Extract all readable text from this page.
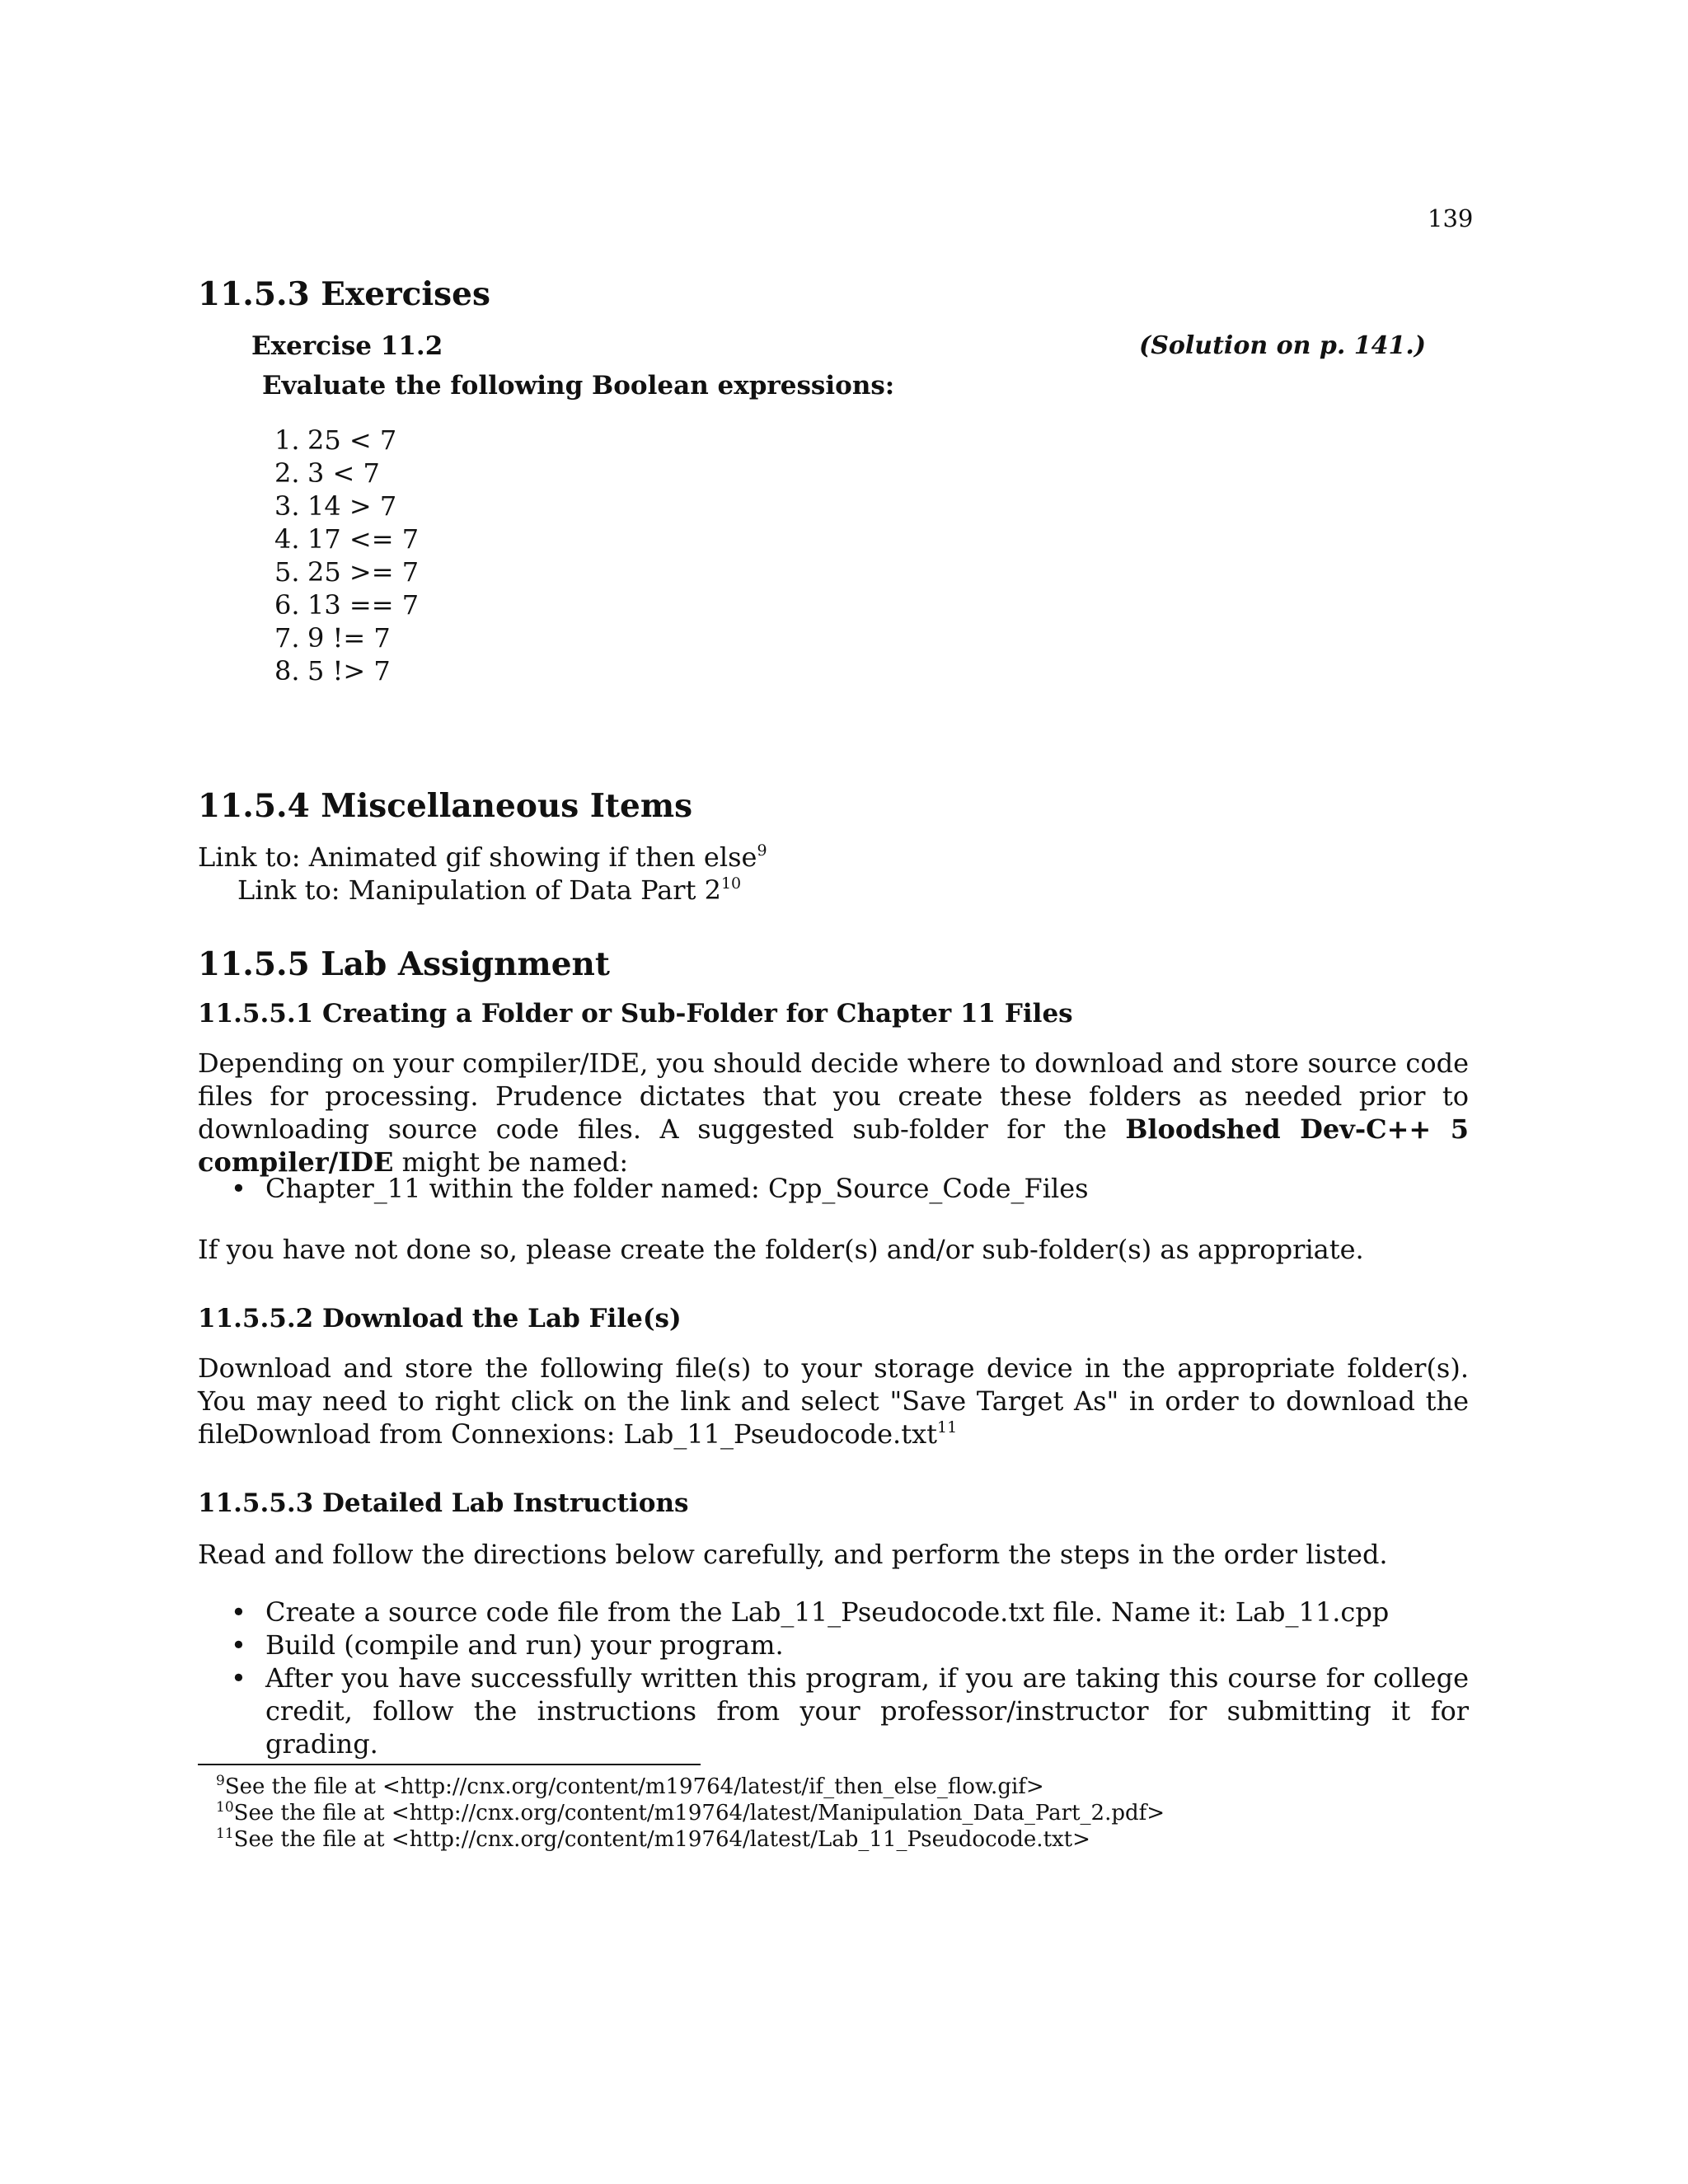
139
11.5.3 Exercises
Exercise 11.2	(Solution on p. 141.)
Evaluate the following Boolean expressions:
1. 25 < 7
2. 3 < 7
3. 14 > 7
4. 17 <= 7
5. 25 >= 7
6. 13 == 7
7. 9 != 7
8. 5 !> 7
11.5.4 Miscellaneous Items
Link to: Animated gif showing if then else$^9$
Link to: Manipulation of Data Part $2^{10}$
11.5.5 Lab Assignment
11.5.5.1 Creating a Folder or Sub-Folder for Chapter 11 Files
Depending on your compiler/IDE, you should decide where to download and store source code files for processing. Prudence dictates that you create these folders as needed prior to downloading source code files. A suggested sub-folder for the Bloodshed Dev-C++ 5 compiler/IDE might be named:
• Chapter_11 within the folder named: Cpp_Source_Code_Files
If you have not done so, please create the folder(s) and/or sub-folder(s) as appropriate.
11.5.5.2 Download the Lab File(s)
Download and store the following file(s) to your storage device in the appropriate folder(s). You may need to right click on the link and select "Save Target As" in order to download the file.
Download from Connexions: Lab_11_Pseudocode.txt$^{11}$
11.5.5.3 Detailed Lab Instructions
Read and follow the directions below carefully, and perform the steps in the order listed.
• Create a source code file from the Lab_11_Pseudocode.txt file. Name it: Lab_11.cpp
• Build (compile and run) your program.
• After you have successfully written this program, if you are taking this course for college credit, follow the instructions from your professor/instructor for submitting it for grading.
$^9$See the file at <http://cnx.org/content/m19764/latest/if_then_else_flow.gif>
$^{10}$See the file at <http://cnx.org/content/m19764/latest/Manipulation_Data_Part_2.pdf>
$^{11}$See the file at <http://cnx.org/content/m19764/latest/Lab_11_Pseudocode.txt>
